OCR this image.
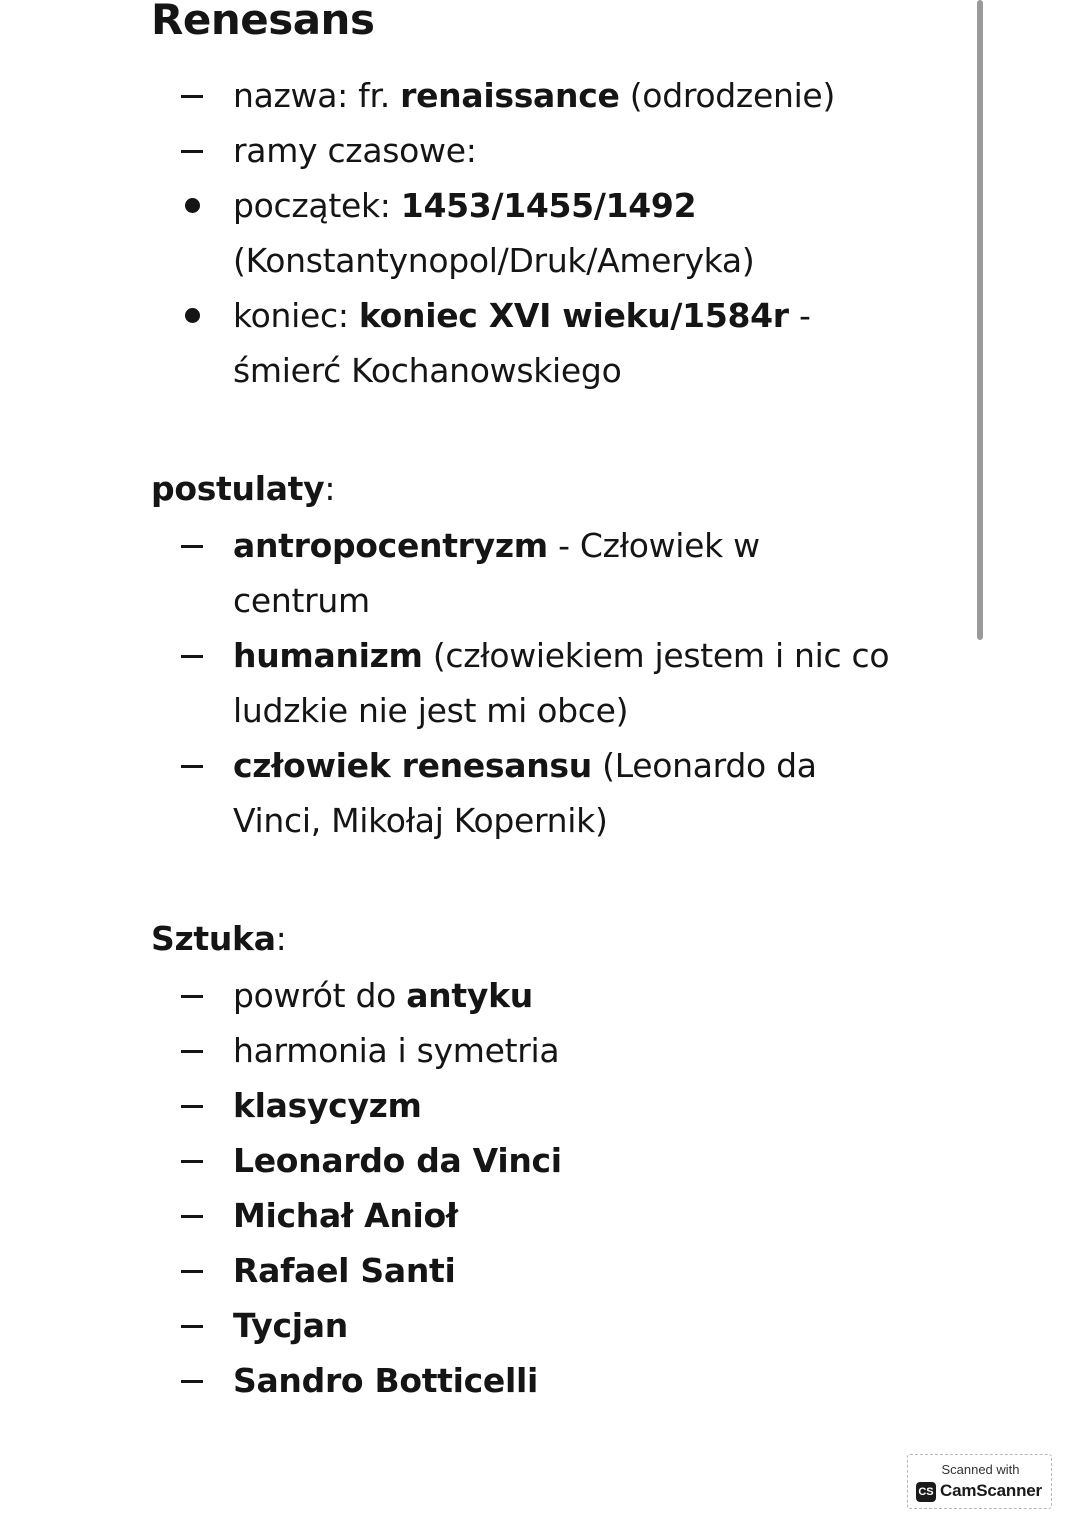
Renesans
nazwa: fr. renaissance (odrodzenie)
ramy czasowe:
początek: 1453/1455/1492
(Konstantynopol/Druk/Ameryka)
koniec: koniec XVI wieku/1584r -
śmierć Kochanowskiego

postulaty:

antropocentryzm - Człowiek w
centrum
humanizm (człowiekiem jestem i nic co
ludzkie nie jest mi obce)
człowiek renesansu (Leonardo da
Vinci, Mikołaj Kopernik)

Sztuka:

powrót do antyku
harmonia i symetria
klasycyzm
Leonardo da Vinci
Michał Anioł
Rafael Santi
Tycjan
Sandro Botticelli
Scanned with
CS CamScanner
